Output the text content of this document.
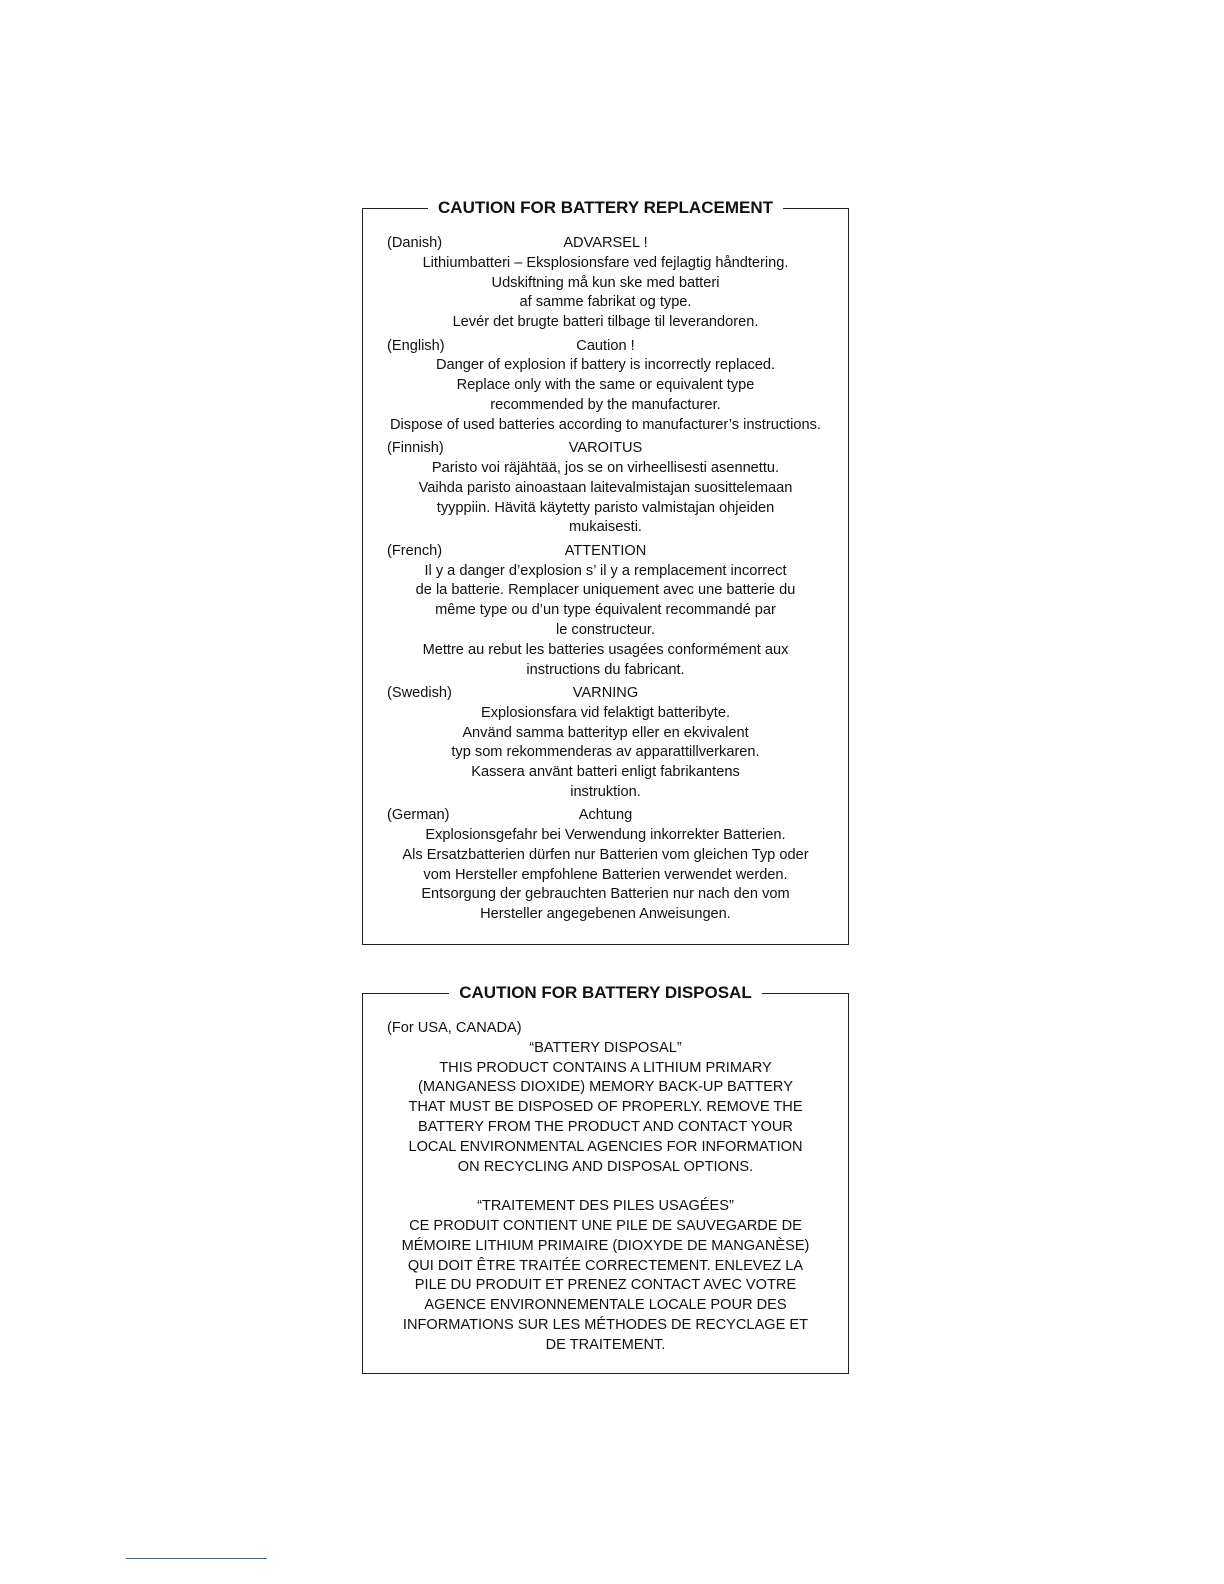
CAUTION FOR BATTERY REPLACEMENT
(Danish)	ADVARSEL !
Lithiumbatteri – Eksplosionsfare ved fejlagtig håndtering.
Udskiftning må kun ske med batteri
af samme fabrikat og type.
Levér det brugte batteri tilbage til leverandoren.
(English)	Caution !
Danger of explosion if battery is incorrectly replaced.
Replace only with the same or equivalent type
recommended by the manufacturer.
Dispose of used batteries according to manufacturer’s instructions.
(Finnish)	VAROITUS
Paristo voi räjähtää, jos se on virheellisesti asennettu.
Vaihda paristo ainoastaan laitevalmistajan suosittelemaan
tyyppiin. Hävitä käytetty paristo valmistajan ohjeiden
mukaisesti.
(French)	ATTENTION
Il y a danger d’explosion s’ il y a remplacement incorrect
de la batterie. Remplacer uniquement avec une batterie du
même type ou d’un type équivalent recommandé par
le constructeur.
Mettre au rebut les batteries usagées conformément aux
instructions du fabricant.
(Swedish)	VARNING
Explosionsfara vid felaktigt batteribyte.
Använd samma batterityp eller en ekvivalent
typ som rekommenderas av apparattillverkaren.
Kassera använt batteri enligt fabrikantens
instruktion.
(German)	Achtung
Explosionsgefahr bei Verwendung inkorrekter Batterien.
Als Ersatzbatterien dürfen nur Batterien vom gleichen Typ oder
vom Hersteller empfohlene Batterien verwendet werden.
Entsorgung der gebrauchten Batterien nur nach den vom
Hersteller angegebenen Anweisungen.
CAUTION FOR BATTERY DISPOSAL
(For USA, CANADA)
“BATTERY DISPOSAL”
THIS PRODUCT CONTAINS A LITHIUM PRIMARY
(MANGANESS DIOXIDE) MEMORY BACK-UP BATTERY
THAT MUST BE DISPOSED OF PROPERLY. REMOVE THE
BATTERY FROM THE PRODUCT AND CONTACT YOUR
LOCAL ENVIRONMENTAL AGENCIES FOR INFORMATION
ON RECYCLING AND DISPOSAL OPTIONS.
“TRAITEMENT DES PILES USAGÉES”
CE PRODUIT CONTIENT UNE PILE DE SAUVEGARDE DE
MÉMOIRE LITHIUM PRIMAIRE (DIOXYDE DE MANGANÈSE)
QUI DOIT ÊTRE TRAITÉE CORRECTEMENT. ENLEVEZ LA
PILE DU PRODUIT ET PRENEZ CONTACT AVEC VOTRE
AGENCE ENVIRONNEMENTALE LOCALE POUR DES
INFORMATIONS SUR LES MÉTHODES DE RECYCLAGE ET
DE TRAITEMENT.
